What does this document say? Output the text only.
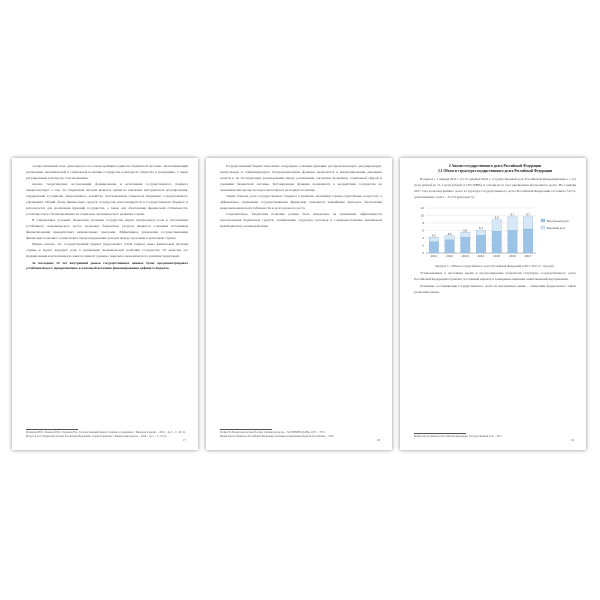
осуществляющий свою деятельность на основе принципа единства бюджетной системы, обеспечивающий реализацию экономической и социальной политики государства в интересах общества и гражданина, а также регулирование и контроль за исполнением.

Анализ теоретических исследований формирования и исполнения государственного бюджета свидетельствует о том, что бюджетная система является одним из ключевых инструментов регулирования, поддержания и развития общественного хозяйства, неотъемлемым элементом механизма государственного управления. Общий объем финансовых средств государства консолидируется в государственном бюджете и используется для реализации функций государства, а также для обеспечения финансовой стабильности, устойчивости и сбалансированности социально-экономического развития страны.

В современных условиях бюджетная политика государства играет центральную роль в обеспечении устойчивого экономического роста, поскольку бюджетные ресурсы являются основным источником финансирования приоритетных национальных программ. Эффективное управление государственными финансами позволяет осуществлять перераспределение доходов между отраслями и регионами страны.

Можно сказать, что государственный бюджет представляет собой главное звено финансовой системы страны и играет ведущую роль в реализации экономической политики государства. От качества его формирования и исполнения во многом зависит уровень социально-экономического развития территорий.

За последние 10 лет внутренний рынок государственных ценных бумаг продемонстрировал устойчивый рост, превратившись в ключевой источник финансирования дефицита бюджета.

Кузнецова Н.В., Ульянова В.М., Горшкова Н.А. Государственный бюджет: понятие и содержание // Финансы и кредит. – 2018. – № 3. – С. 45–52.

Белоусов А.Л. Бюджетная система Российской Федерации: теория и практика // Финансовый журнал. – 2019. – № 2. – С. 23–31.

17

Государственный бюджет выполняет следующие основные функции: распределительную, регулирующую, контрольную и стимулирующую. Распределительная функция заключается в аккумулировании денежных средств и их последующем распределении между различными секторами экономики, социальной сферой и уровнями бюджетной системы. Регулирующая функция проявляется в воздействии государства на экономические процессы через налоговую и расходную политику.

Таким образом, роль государственного бюджета в развитии экономики страны существенно возрастает, а эффективное управление государственными финансами становится важнейшим фактором обеспечения макроэкономической стабильности и долгосрочного роста.

Следовательно, бюджетная политика должна быть направлена на повышение эффективности использования бюджетных средств, оптимизацию структуры расходов и совершенствование механизмов межбюджетного взаимодействия.

Поляк Г.Б. Бюджетная система России: учебник для вузов. – М.: ЮНИТИ-ДАНА, 2017. – 703 с.

Министерство финансов Российской Федерации. Основные направления бюджетной политики. – 2019.

18

2 Анализ государственного долга Российской Федерации

2.1 Объем и структура государственного долга Российской Федерации

В период с 1 января 2011 г. по 31 декабря 2016 г. государственный долг Российской Федерации вырос с 4,2 трлн рублей до 11,1 трлн рублей (11,8% ВВП), в основном за счет увеличения внутреннего долга. На 1 января 2017 года доля внутреннего долга в структуре государственного долга Российской Федерации составила 74,5%, доля внешнего долга – 25,5% (рисунок 5).

0
2
4
6
8
10
12
4,2
2011
4,6
2012
5,5
2013
6,1
2014
8,9
2015
9,7
2016
9,7
2017
Внутренний долг
Внешний долг

Рисунок 5 – Объем государственного долга Российской Федерации в 2011–2017 гг., трлн руб.

Установленные в настоящее время и прогнозируемые показатели структуры государственного долга Российской Федерации отражают поэтапный переход к замещению внешних заимствований внутренними.

Основные составляющие государственного долга на внутреннем рынке – облигации федерального займа различных видов.

Министерство финансов Российской Федерации. Государственный долг. – 2017.

19
